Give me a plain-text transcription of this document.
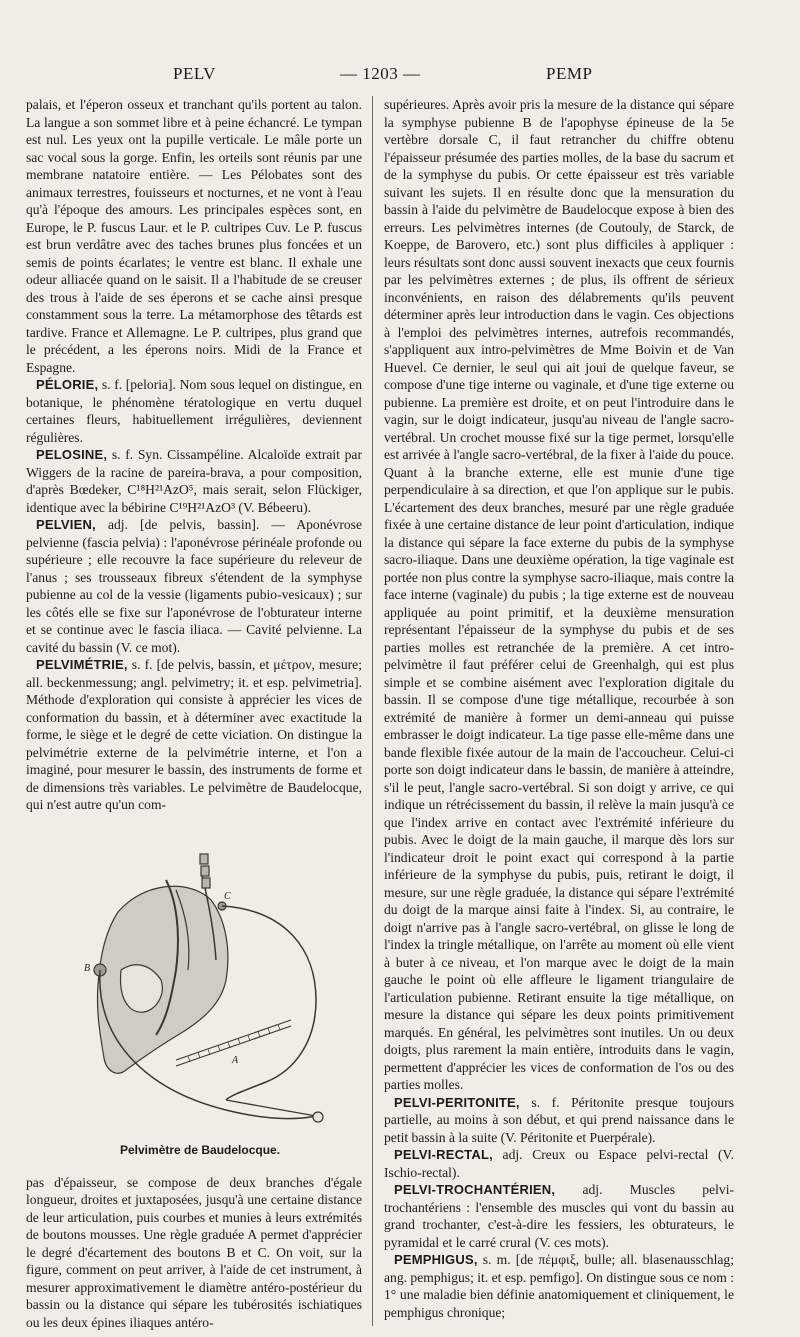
PELV	— 1203 —	PEMP

palais, et l'éperon osseux et tranchant qu'ils portent au talon. La langue a son sommet libre et à peine échancré. Le tympan est nul. Les yeux ont la pupille verticale. Le mâle porte un sac vocal sous la gorge. Enfin, les orteils sont réunis par une membrane natatoire entière. — Les Pélobates sont des animaux terrestres, fouisseurs et nocturnes, et ne vont à l'eau qu'à l'époque des amours. Les principales espèces sont, en Europe, le P. fuscus Laur. et le P. cultripes Cuv. Le P. fuscus est brun verdâtre avec des taches brunes plus foncées et un semis de points écarlates; le ventre est blanc. Il exhale une odeur alliacée quand on le saisit. Il a l'habitude de se creuser des trous à l'aide de ses éperons et se cache ainsi presque constamment sous la terre. La métamorphose des têtards est tardive. France et Allemagne. Le P. cultripes, plus grand que le précédent, a les éperons noirs. Midi de la France et Espagne.

PÉLORIE, s. f. [peloria]. Nom sous lequel on distingue, en botanique, le phénomène tératologique en vertu duquel certaines fleurs, habituellement irrégulières, deviennent régulières.

PELOSINE, s. f. Syn. Cissampéline. Alcaloïde extrait par Wiggers de la racine de pareira-brava, a pour composition, d'après Bœdeker, C¹⁸H²¹AzO⁵, mais serait, selon Flückiger, identique avec la bébirine C¹⁹H²¹AzO³ (V. Bébeeru).

PELVIEN, adj. [de pelvis, bassin]. — Aponévrose pelvienne (fascia pelvia) : l'aponévrose périnéale profonde ou supérieure ; elle recouvre la face supérieure du releveur de l'anus ; ses trousseaux fibreux s'étendent de la symphyse pubienne au col de la vessie (ligaments pubio-vesicaux) ; sur les côtés elle se fixe sur l'aponévrose de l'obturateur interne et se continue avec le fascia iliaca. — Cavité pelvienne. La cavité du bassin (V. ce mot).

PELVIMÉTRIE, s. f. [de pelvis, bassin, et μέτρον, mesure; all. beckenmessung; angl. pelvimetry; it. et esp. pelvimetria]. Méthode d'exploration qui consiste à apprécier les vices de conformation du bassin, et à déterminer avec exactitude la forme, le siège et le degré de cette viciation. On distingue la pelvimétrie externe de la pelvimétrie interne, et l'on a imaginé, pour mesurer le bassin, des instruments de forme et de dimensions très variables. Le pelvimètre de Baudelocque, qui n'est autre qu'un com-

B
C
A
Pelvimètre de Baudelocque.

pas d'épaisseur, se compose de deux branches d'égale longueur, droites et juxtaposées, jusqu'à une certaine distance de leur articulation, puis courbes et munies à leurs extrémités de boutons mousses. Une règle graduée A permet d'apprécier le degré d'écartement des boutons B et C. On voit, sur la figure, comment on peut arriver, à l'aide de cet instrument, à mesurer approximativement le diamètre antéro-postérieur du bassin ou la distance qui sépare les tubérosités ischiatiques ou les deux épines iliaques antéro-

supérieures. Après avoir pris la mesure de la distance qui sépare la symphyse pubienne B de l'apophyse épineuse de la 5e vertèbre dorsale C, il faut retrancher du chiffre obtenu l'épaisseur présumée des parties molles, de la base du sacrum et de la symphyse du pubis. Or cette épaisseur est très variable suivant les sujets. Il en résulte donc que la mensuration du bassin à l'aide du pelvimètre de Baudelocque expose à bien des erreurs. Les pelvimètres internes (de Coutouly, de Starck, de Koeppe, de Barovero, etc.) sont plus difficiles à appliquer : leurs résultats sont donc aussi souvent inexacts que ceux fournis par les pelvimètres externes ; de plus, ils offrent de sérieux inconvénients, en raison des délabrements qu'ils peuvent déterminer après leur introduction dans le vagin. Ces objections à l'emploi des pelvimètres internes, autrefois recommandés, s'appliquent aux intro-pelvimètres de Mme Boivin et de Van Huevel. Ce dernier, le seul qui ait joui de quelque faveur, se compose d'une tige interne ou vaginale, et d'une tige externe ou pubienne. La première est droite, et on peut l'introduire dans le vagin, sur le doigt indicateur, jusqu'au niveau de l'angle sacro-vertébral. Un crochet mousse fixé sur la tige permet, lorsqu'elle est arrivée à l'angle sacro-vertébral, de la fixer à l'aide du pouce. Quant à la branche externe, elle est munie d'une tige perpendiculaire à sa direction, et que l'on applique sur le pubis. L'écartement des deux branches, mesuré par une règle graduée fixée à une certaine distance de leur point d'articulation, indique la distance qui sépare la face externe du pubis de la symphyse sacro-iliaque. Dans une deuxième opération, la tige vaginale est portée non plus contre la symphyse sacro-iliaque, mais contre la face interne (vaginale) du pubis ; la tige externe est de nouveau appliquée au point primitif, et la deuxième mensuration représentant l'épaisseur de la symphyse du pubis et de ses parties molles est retranchée de la première. A cet intro-pelvimètre il faut préférer celui de Greenhalgh, qui est plus simple et se combine aisément avec l'exploration digitale du bassin. Il se compose d'une tige métallique, recourbée à son extrémité de manière à former un demi-anneau qui puisse embrasser le doigt indicateur. La tige passe elle-même dans une bande flexible fixée autour de la main de l'accoucheur. Celui-ci porte son doigt indicateur dans le bassin, de manière à atteindre, s'il le peut, l'angle sacro-vertébral. Si son doigt y arrive, ce qui indique un rétrécissement du bassin, il relève la main jusqu'à ce que l'index arrive en contact avec l'extrémité inférieure du pubis. Avec le doigt de la main gauche, il marque dès lors sur l'indicateur droit le point exact qui correspond à la partie inférieure de la symphyse du pubis, puis, retirant le doigt, il mesure, sur une règle graduée, la distance qui sépare l'extrémité du doigt de la marque ainsi faite à l'index. Si, au contraire, le doigt n'arrive pas à l'angle sacro-vertébral, on glisse le long de l'index la tringle métallique, on l'arrête au moment où elle vient à buter à ce niveau, et l'on marque avec le doigt de la main gauche le point où elle affleure le ligament triangulaire de l'articulation pubienne. Retirant ensuite la tige métallique, on mesure la distance qui sépare les deux points primitivement marqués. En général, les pelvimètres sont inutiles. Un ou deux doigts, plus rarement la main entière, introduits dans le vagin, permettent d'apprécier les vices de conformation de l'os ou des parties molles.

PELVI-PERITONITE, s. f. Péritonite presque toujours partielle, au moins à son début, et qui prend naissance dans le petit bassin à la suite (V. Péritonite et Puerpérale).

PELVI-RECTAL, adj. Creux ou Espace pelvi-rectal (V. Ischio-rectal).

PELVI-TROCHANTÉRIEN, adj. Muscles pelvi-trochantériens : l'ensemble des muscles qui vont du bassin au grand trochanter, c'est-à-dire les fessiers, les obturateurs, le pyramidal et le carré crural (V. ces mots).

PEMPHIGUS, s. m. [de πέμφιξ, bulle; all. blasenausschlag; ang. pemphigus; it. et esp. pemfigo]. On distingue sous ce nom : 1° une maladie bien définie anatomiquement et cliniquement, le pemphigus chronique;
